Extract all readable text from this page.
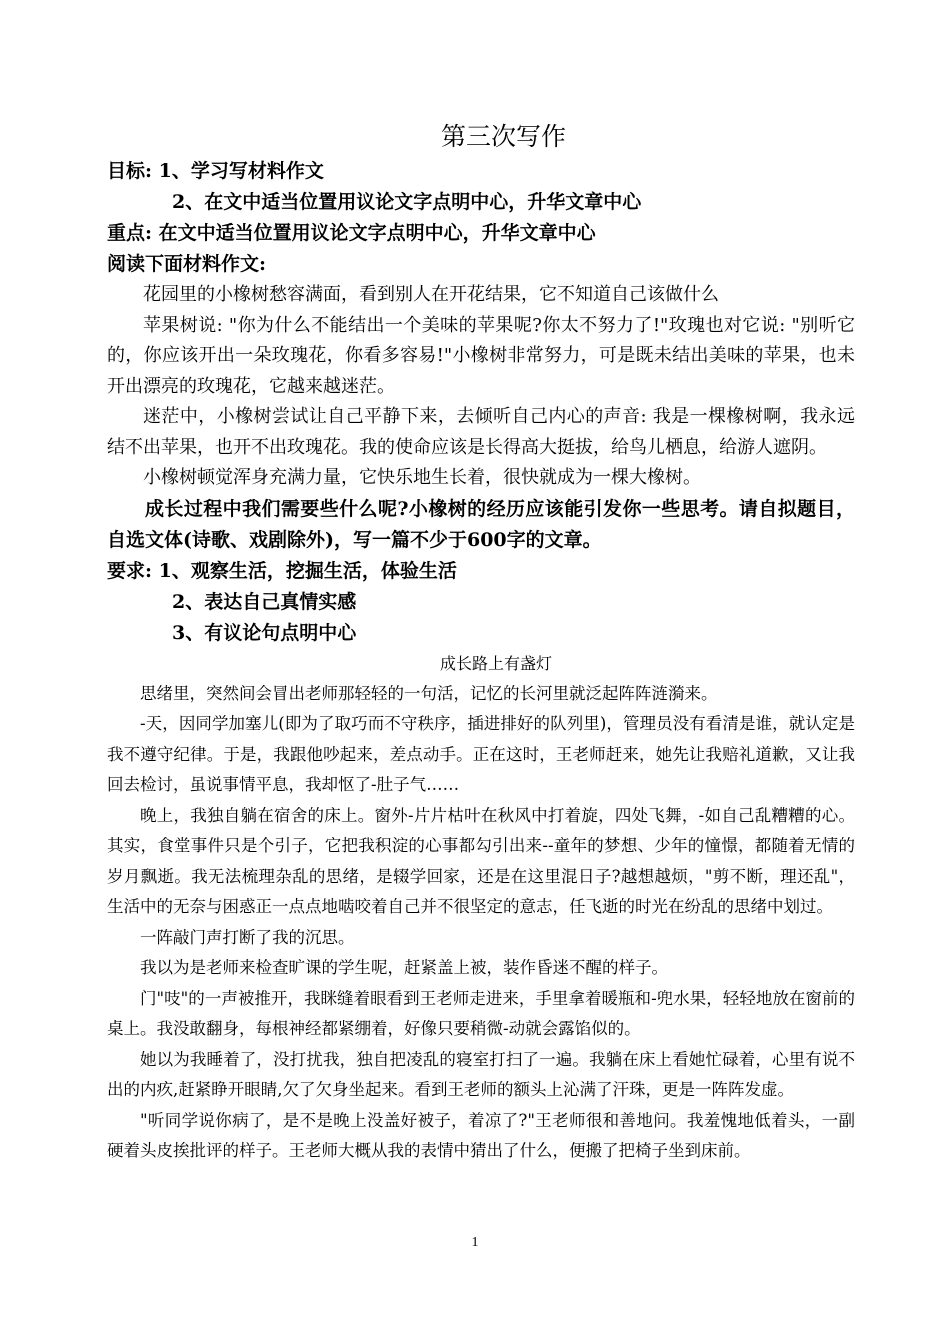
第三次写作
目标: 1、学习写材料作文
2、在文中适当位置用议论文字点明中心，升华文章中心
重点: 在文中适当位置用议论文字点明中心，升华文章中心
阅读下面材料作文:

花园里的小橡树愁容满面，看到别人在开花结果，它不知道自己该做什么

苹果树说: "你为什么不能结出一个美味的苹果呢?你太不努力了!"玫瑰也对它说: "别听它的，你应该开出一朵玫瑰花，你看多容易!"小橡树非常努力，可是既未结出美味的苹果，也未开出漂亮的玫瑰花，它越来越迷茫。

迷茫中，小橡树尝试让自己平静下来，去倾听自己内心的声音: 我是一棵橡树啊，我永远结不出苹果，也开不出玫瑰花。我的使命应该是长得高大挺拔，给鸟儿栖息，给游人遮阴。

小橡树顿觉浑身充满力量，它快乐地生长着，很快就成为一棵大橡树。

成长过程中我们需要些什么呢?小橡树的经历应该能引发你一些思考。请自拟题目，自选文体(诗歌、戏剧除外)，写一篇不少于600字的文章。

要求: 1、观察生活，挖掘生活，体验生活
2、表达自己真情实感
3、有议论句点明中心
成长路上有盏灯

思绪里，突然间会冒出老师那轻轻的一句活，记忆的长河里就泛起阵阵涟漪来。

-天，因同学加塞儿(即为了取巧而不守秩序，插进排好的队列里)，管理员没有看清是谁，就认定是我不遵守纪律。于是，我跟他吵起来，差点动手。正在这时，王老师赶来，她先让我赔礼道歉，又让我回去检讨，虽说事情平息，我却怄了-肚子气……

晚上，我独自躺在宿舍的床上。窗外-片片枯叶在秋风中打着旋，四处飞舞，-如自己乱糟糟的心。其实，食堂事件只是个引子，它把我积淀的心事都勾引出来--童年的梦想、少年的憧憬，都随着无情的岁月飘逝。我无法梳理杂乱的思绪，是辍学回家，还是在这里混日子?越想越烦，"剪不断，理还乱"，生活中的无奈与困惑正一点点地啮咬着自己并不很坚定的意志，任飞逝的时光在纷乱的思绪中划过。

一阵敲门声打断了我的沉思。

我以为是老师来检查旷课的学生呢，赶紧盖上被，装作昏迷不醒的样子。

门"吱"的一声被推开，我眯缝着眼看到王老师走进来，手里拿着暖瓶和-兜水果，轻轻地放在窗前的桌上。我没敢翻身，每根神经都紧绷着，好像只要稍微-动就会露馅似的。

她以为我睡着了，没打扰我，独自把凌乱的寝室打扫了一遍。我躺在床上看她忙碌着，心里有说不出的内疚,赶紧睁开眼睛,欠了欠身坐起来。看到王老师的额头上沁满了汗珠，更是一阵阵发虚。

"听同学说你病了，是不是晚上没盖好被子，着凉了?"王老师很和善地问。我羞愧地低着头，一副硬着头皮挨批评的样子。王老师大概从我的表情中猜出了什么，便搬了把椅子坐到床前。

1
